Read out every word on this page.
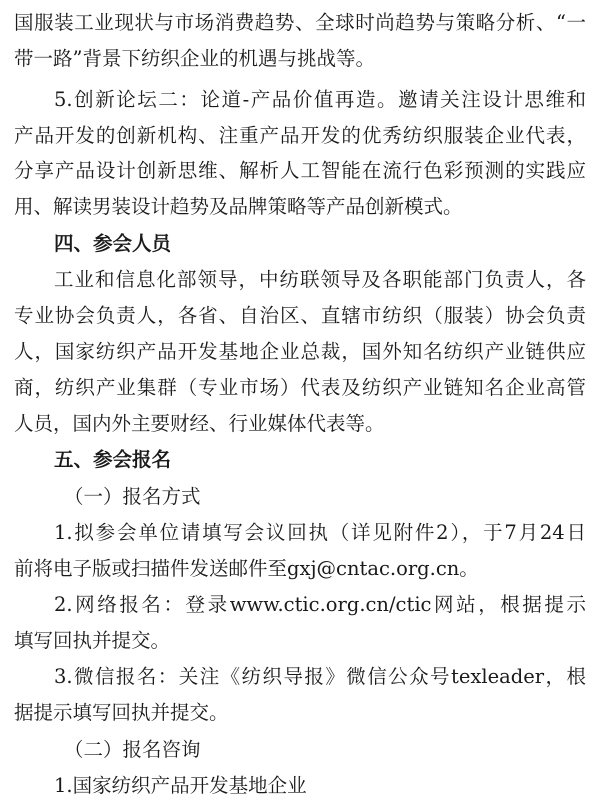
国服装工业现状与市场消费趋势、全球时尚趋势与策略分析、“一
带一路”背景下纺织企业的机遇与挑战等。
5.创新论坛二：论道-产品价值再造。邀请关注设计思维和
产品开发的创新机构、注重产品开发的优秀纺织服装企业代表，
分享产品设计创新思维、解析人工智能在流行色彩预测的实践应
用、解读男装设计趋势及品牌策略等产品创新模式。
四、参会人员
工业和信息化部领导，中纺联领导及各职能部门负责人，各
专业协会负责人，各省、自治区、直辖市纺织（服装）协会负责
人，国家纺织产品开发基地企业总裁，国外知名纺织产业链供应
商，纺织产业集群（专业市场）代表及纺织产业链知名企业高管
人员，国内外主要财经、行业媒体代表等。
五、参会报名
（一）报名方式
1.拟参会单位请填写会议回执（详见附件2），于7月24日
前将电子版或扫描件发送邮件至gxj@cntac.org.cn。
2.网络报名：登录www.ctic.org.cn/ctic网站，根据提示
填写回执并提交。
3.微信报名：关注《纺织导报》微信公众号texleader，根
据提示填写回执并提交。
（二）报名咨询
1.国家纺织产品开发基地企业
